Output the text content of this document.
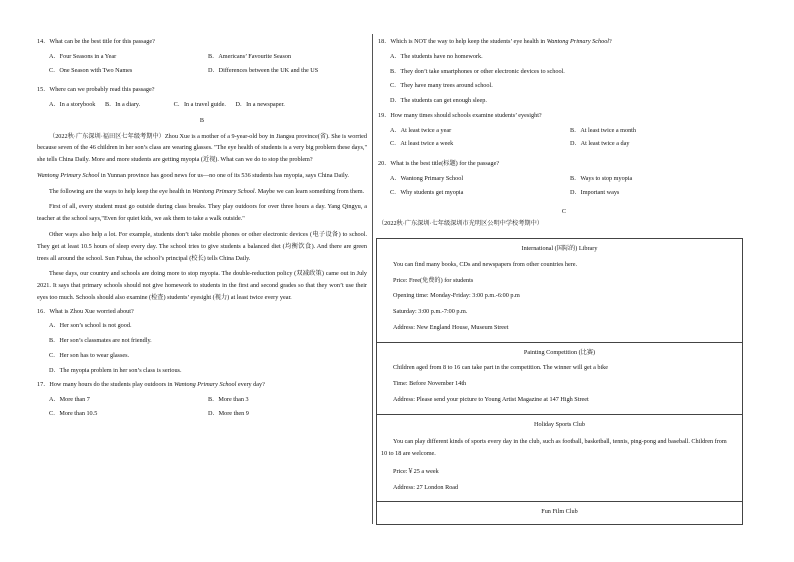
14．What can be the best title for this passage?
A．Four Seasons in a Year	B．Americans’ Favourite Season
C．One Season with Two Names	D．Differences between the UK and the US
15．Where can we probably read this passage?
A．In a storybook B．In a diary.	C．In a travel guide. D．In a newspaper.
B

（2022秋·广东深圳·福田区七年级考期中）Zhou Xue is a mother of a 9-year-old boy in Jiangsu province(省). She is worried because seven of the 46 children in her son’s class are wearing glasses. "The eye health of students is a very big problem these days," she tells China Daily. More and more students are getting myopia (近视). What can we do to stop the problem?

Wantong Primary School in Yunnan province has good news for us—no one of its 536 students has myopia, says China Daily.

The following are the ways to help keep the eye health in Wantong Primary School. Maybe we can learn something from them.

First of all, every student must go outside during class breaks. They play outdoors for over three hours a day. Yang Qingyu, a teacher at the school says,"Even for quiet kids, we ask them to take a walk outside."

Other ways also help a lot. For example, students don’t take mobile phones or other electronic devices (电子设备) to school. They get at least 10.5 hours of sleep every day. The school tries to give students a balanced diet (均衡饮食). And there are green trees all around the school. Sun Fuhua, the school’s principal (校长) tells China Daily.

These days, our country and schools are doing more to stop myopia. The double-reduction policy (双减政策) came out in July 2021. It says that primary schools should not give homework to students in the first and second grades so that they won’t use their eyes too much. Schools should also examine (检查) students’ eyesight (视力) at least twice every year.

16．What is Zhou Xue worried about?
A．Her son’s school is not good.
B．Her son’s classmates are not friendly.
C．Her son has to wear glasses.
D．The myopia problem in her son’s class is serious.
17．How many hours do the students play outdoors in Wantong Primary School every day?
A．More than 7	B．More than 3
C．More than 10.5	D．More then 9
18．Which is NOT the way to help keep the students’ eye health in Wantong Primary School?
A．The students have no homework.
B．They don’t take smartphones or other electronic devices to school.
C．They have many trees around school.
D．The students can get enough sleep.
19．How many times should schools examine students’ eyesight?
A．At least twice a year	B．At least twice a month
C．At least twice a week	D．At least twice a day
20．What is the best title(标题) for the passage?
A．Wantong Primary School	B．Ways to stop myopia
C．Why students get myopia	D．Important ways
C
（2022秋·广东深圳·七年级深圳市光明区公明中学校考期中）
International (国际的) Library

You can find many books, CDs and newspapers from other countries here.

Price: Free(免费的) for students

Opening time: Monday-Friday: 3:00 p.m.-6:00 p.m

Saturday: 3:00 p.m.-7:00 p.m.

Address: New England House, Museum Street

Painting Competition (比赛)

Children aged from 8 to 16 can take part in the competition. The winner will get a bike

Time: Before November 14th

Address: Please send your picture to Young Artist Magazine at 147 High Street

Holiday Sports Club

You can play different kinds of sports every day in the club, such as football, basketball, tennis, ping-pong and baseball. Children from 10 to 18 are welcome.

Price:￥25 a week

Address: 27 London Road

Fun Film Club
